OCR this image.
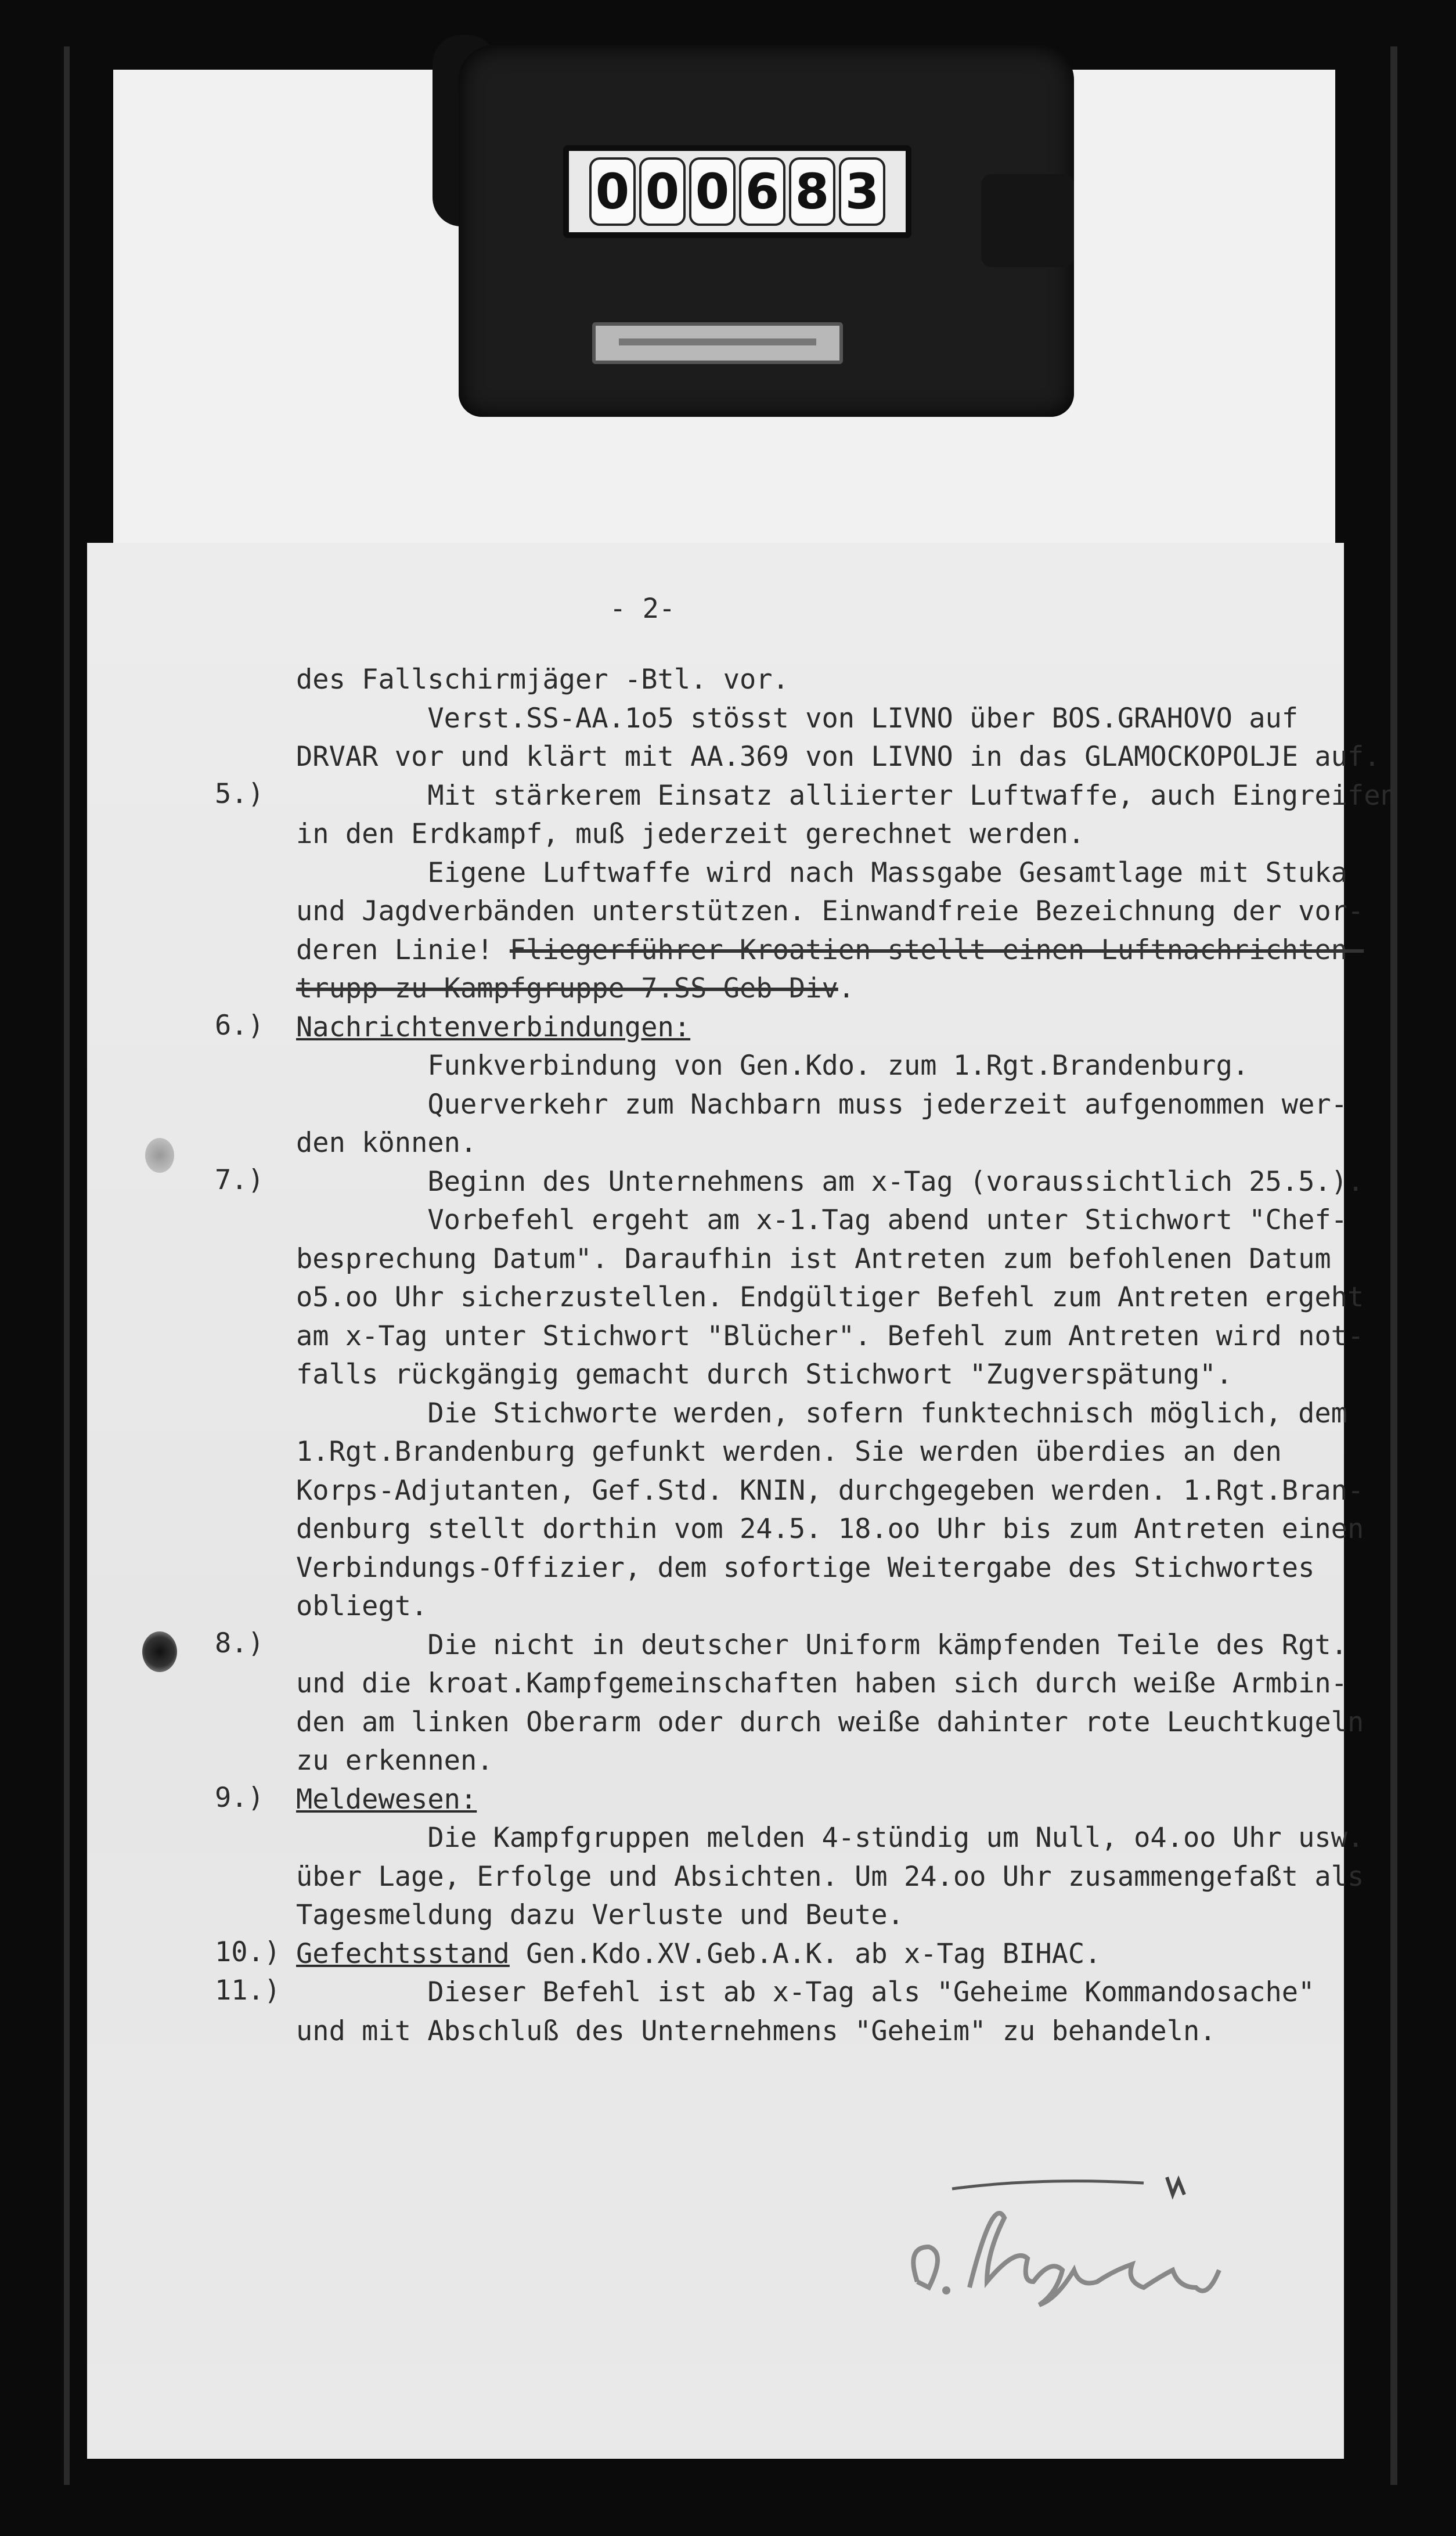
0 0 0 6 8 3
- 2-
des Fallschirmjäger -Btl. vor.
Verst.SS-AA.1o5 stösst von LIVNO über BOS.GRAHOVO auf
DRVAR vor und klärt mit AA.369 von LIVNO in das GLAMOCKOPOLJE auf.
5.) Mit stärkerem Einsatz alliierter Luftwaffe, auch Eingreifen
in den Erdkampf, muß jederzeit gerechnet werden.
Eigene Luftwaffe wird nach Massgabe Gesamtlage mit Stuka
und Jagdverbänden unterstützen. Einwandfreie Bezeichnung der vor-
deren Linie! Fliegerführer Kroatien stellt einen Luftnachrichten-
trupp zu Kampfgruppe 7.SS-Geb-Div.
6.) Nachrichtenverbindungen:
Funkverbindung von Gen.Kdo. zum 1.Rgt.Brandenburg.
Querverkehr zum Nachbarn muss jederzeit aufgenommen wer-
den können.
7.) Beginn des Unternehmens am x-Tag (voraussichtlich 25.5.).
Vorbefehl ergeht am x-1.Tag abend unter Stichwort "Chef-
besprechung Datum". Daraufhin ist Antreten zum befohlenen Datum
o5.oo Uhr sicherzustellen. Endgültiger Befehl zum Antreten ergeht
am x-Tag unter Stichwort "Blücher". Befehl zum Antreten wird not-
falls rückgängig gemacht durch Stichwort "Zugverspätung".
Die Stichworte werden, sofern funktechnisch möglich, dem
1.Rgt.Brandenburg gefunkt werden. Sie werden überdies an den
Korps-Adjutanten, Gef.Std. KNIN, durchgegeben werden. 1.Rgt.Bran-
denburg stellt dorthin vom 24.5. 18.oo Uhr bis zum Antreten einen
Verbindungs-Offizier, dem sofortige Weitergabe des Stichwortes
obliegt.
8.) Die nicht in deutscher Uniform kämpfenden Teile des Rgt.
und die kroat.Kampfgemeinschaften haben sich durch weiße Armbin-
den am linken Oberarm oder durch weiße dahinter rote Leuchtkugeln
zu erkennen.
9.) Meldewesen:
Die Kampfgruppen melden 4-stündig um Null, o4.oo Uhr usw.
über Lage, Erfolge und Absichten. Um 24.oo Uhr zusammengefaßt als
Tagesmeldung dazu Verluste und Beute.
10.) Gefechtsstand Gen.Kdo.XV.Geb.A.K. ab x-Tag BIHAC.
11.) Dieser Befehl ist ab x-Tag als "Geheime Kommandosache"
und mit Abschluß des Unternehmens "Geheim" zu behandeln.
